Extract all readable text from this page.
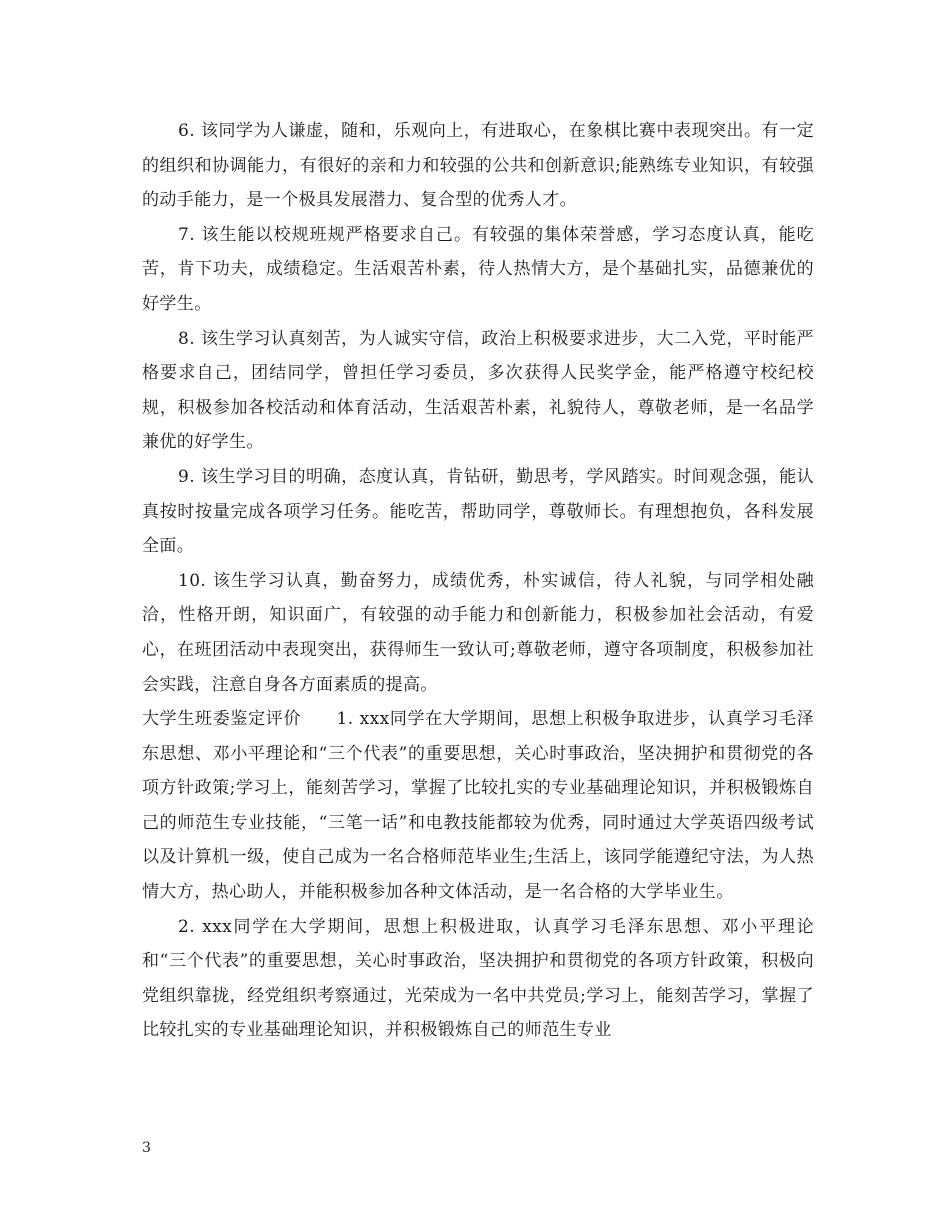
6. 该同学为人谦虚，随和，乐观向上，有进取心，在象棋比赛中表现突出。有一定的组织和协调能力，有很好的亲和力和较强的公共和创新意识;能熟练专业知识，有较强的动手能力，是一个极具发展潜力、复合型的优秀人才。

7. 该生能以校规班规严格要求自己。有较强的集体荣誉感，学习态度认真，能吃苦，肯下功夫，成绩稳定。生活艰苦朴素，待人热情大方，是个基础扎实，品德兼优的好学生。

8. 该生学习认真刻苦，为人诚实守信，政治上积极要求进步，大二入党，平时能严格要求自己，团结同学，曾担任学习委员，多次获得人民奖学金，能严格遵守校纪校规，积极参加各校活动和体育活动，生活艰苦朴素，礼貌待人，尊敬老师，是一名品学兼优的好学生。

9. 该生学习目的明确，态度认真，肯钻研，勤思考，学风踏实。时间观念强，能认真按时按量完成各项学习任务。能吃苦，帮助同学，尊敬师长。有理想抱负，各科发展全面。

10. 该生学习认真，勤奋努力，成绩优秀，朴实诚信，待人礼貌，与同学相处融洽，性格开朗，知识面广，有较强的动手能力和创新能力，积极参加社会活动，有爱心，在班团活动中表现突出，获得师生一致认可;尊敬老师，遵守各项制度，积极参加社会实践，注意自身各方面素质的提高。

大学生班委鉴定评价　　1. xxx同学在大学期间，思想上积极争取进步，认真学习毛泽东思想、邓小平理论和“三个代表”的重要思想，关心时事政治，坚决拥护和贯彻党的各项方针政策;学习上，能刻苦学习，掌握了比较扎实的专业基础理论知识，并积极锻炼自己的师范生专业技能，“三笔一话”和电教技能都较为优秀，同时通过大学英语四级考试以及计算机一级，使自己成为一名合格师范毕业生;生活上，该同学能遵纪守法，为人热情大方，热心助人，并能积极参加各种文体活动，是一名合格的大学毕业生。

2. xxx同学在大学期间，思想上积极进取，认真学习毛泽东思想、邓小平理论和“三个代表”的重要思想，关心时事政治，坚决拥护和贯彻党的各项方针政策，积极向党组织靠拢，经党组织考察通过，光荣成为一名中共党员;学习上，能刻苦学习，掌握了比较扎实的专业基础理论知识，并积极锻炼自己的师范生专业

3
